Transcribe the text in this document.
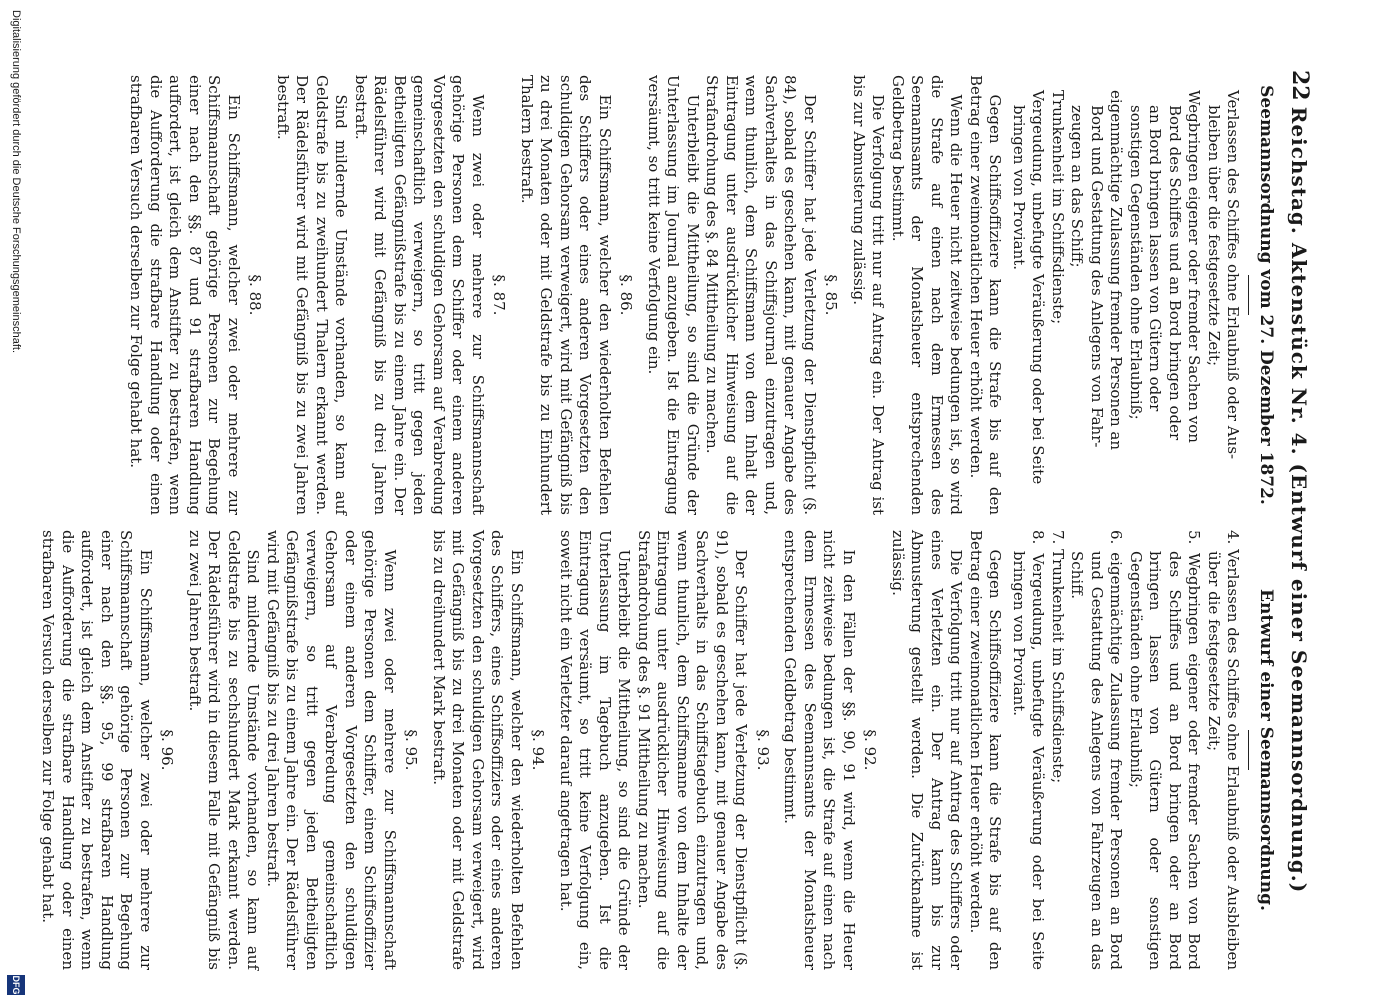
22
Reichstag. Aktenstück Nr. 4. (Entwurf einer Seemannsordnung.)
Seemannsordnung vom 27. Dezember 1872.

Verlassen des Schiffes ohne Erlaubniß oder Aus-

bleiben über die festgesetzte Zeit;

Wegbringen eigener oder fremder Sachen von

Bord des Schiffes und an Bord bringen oder

an Bord bringen lassen von Gütern oder

sonstigen Gegenständen ohne Erlaubniß;

eigenmächtige Zulassung fremder Personen an

Bord und Gestattung des Anlegens von Fahr-

zeugen an das Schiff;

Trunkenheit im Schiffsdienste;

Vergeudung, unbefugte Veräußerung oder bei Seite

bringen von Proviant.

Gegen Schiffsoffiziere kann die Strafe bis auf den Betrag einer zweimonatlichen Heuer erhöht werden.

Wenn die Heuer nicht zeitweise bedungen ist, so wird die Strafe auf einen nach dem Ermessen des Seemannsamts der Monatsheuer entsprechenden Geldbetrag bestimmt.

Die Verfolgung tritt nur auf Antrag ein. Der Antrag ist bis zur Abmusterung zulässig.

§. 85.

Der Schiffer hat jede Verletzung der Dienstpflicht (§. 84), sobald es geschehen kann, mit genauer Angabe des Sachverhaltes in das Schiffsjournal einzutragen und, wenn thunlich, dem Schiffsmann von dem Inhalt der Eintragung unter ausdrücklicher Hinweisung auf die Strafandrohung des §. 84 Mittheilung zu machen.

Unterbleibt die Mittheilung, so sind die Gründe der Unterlassung im Journal anzugeben. Ist die Eintragung versäumt, so tritt keine Verfolgung ein.

§. 86.

Ein Schiffsmann, welcher den wiederholten Befehlen des Schiffers oder eines anderen Vorgesetzten den schuldigen Gehorsam verweigert, wird mit Gefängniß bis zu drei Monaten oder mit Geldstrafe bis zu Einhundert Thalern bestraft.

§. 87.

Wenn zwei oder mehrere zur Schiffsmannschaft gehörige Personen dem Schiffer oder einem anderen Vorgesetzten den schuldigen Gehorsam auf Verabredung gemeinschaftlich verweigern, so tritt gegen jeden Betheiligten Gefängnißstrafe bis zu einem Jahre ein. Der Rädelsführer wird mit Gefängniß bis zu drei Jahren bestraft.

Sind mildernde Umstände vorhanden, so kann auf Geldstrafe bis zu zweihundert Thalern erkannt werden. Der Rädelsführer wird mit Gefängniß bis zu zwei Jahren bestraft.

§. 88.

Ein Schiffsmann, welcher zwei oder mehrere zur Schiffsmannschaft gehörige Personen zur Begehung einer nach den §§. 87 und 91 strafbaren Handlung auffordert, ist gleich dem Anstifter zu bestrafen, wenn die Aufforderung die strafbare Handlung oder einen strafbaren Versuch derselben zur Folge gehabt hat.

Entwurf einer Seemannsordnung.

4. Verlassen des Schiffes ohne Erlaubniß oder Ausbleiben über die festgesetzte Zeit;

5. Wegbringen eigener oder fremder Sachen von Bord des Schiffes und an Bord bringen oder an Bord bringen lassen von Gütern oder sonstigen Gegenständen ohne Erlaubniß;

6. eigenmächtige Zulassung fremder Personen an Bord und Gestattung des Anlegens von Fahrzeugen an das Schiff.

7. Trunkenheit im Schiffsdienste;

8. Vergeudung, unbefugte Veräußerung oder bei Seite bringen von Proviant.

Gegen Schiffsoffiziere kann die Strafe bis auf den Betrag einer zweimonatlichen Heuer erhöht werden.

Die Verfolgung tritt nur auf Antrag des Schiffers oder eines Verletzten ein. Der Antrag kann bis zur Abmusterung gestellt werden. Die Zurücknahme ist zulässig.

§. 92.

In den Fällen der §§. 90, 91 wird, wenn die Heuer nicht zeitweise bedungen ist, die Strafe auf einen nach dem Ermessen des Seemannsamts der Monatsheuer entsprechenden Geldbetrag bestimmt.

§. 93.

Der Schiffer hat jede Verletzung der Dienstpflicht (§. 91), sobald es geschehen kann, mit genauer Angabe des Sachverhalts in das Schiffstagebuch einzutragen und, wenn thunlich, dem Schiffsmanne von dem Inhalte der Eintragung unter ausdrücklicher Hinweisung auf die Strafandrohung des §. 91 Mittheilung zu machen.

Unterbleibt die Mittheilung, so sind die Gründe der Unterlassung im Tagebuch anzugeben. Ist die Eintragung versäumt, so tritt keine Verfolgung ein, soweit nicht ein Verletzter darauf angetragen hat.

§. 94.

Ein Schiffsmann, welcher den wiederholten Befehlen des Schiffers, eines Schiffsoffiziers oder eines anderen Vorgesetzten den schuldigen Gehorsam verweigert, wird mit Gefängniß bis zu drei Monaten oder mit Geldstrafe bis zu dreihundert Mark bestraft.

§. 95.

Wenn zwei oder mehrere zur Schiffsmannschaft gehörige Personen dem Schiffer, einem Schiffsoffizier oder einem anderen Vorgesetzten den schuldigen Gehorsam auf Verabredung gemeinschaftlich verweigern, so tritt gegen jeden Betheiligten Gefängnißstrafe bis zu einem Jahre ein. Der Rädelsführer wird mit Gefängniß bis zu drei Jahren bestraft.

Sind mildernde Umstände vorhanden, so kann auf Geldstrafe bis zu sechshundert Mark erkannt werden. Der Rädelsführer wird in diesem Falle mit Gefängniß bis zu zwei Jahren bestraft.

§. 96.

Ein Schiffsmann, welcher zwei oder mehrere zur Schiffsmannschaft gehörige Personen zur Begehung einer nach den §§. 95, 99 strafbaren Handlung auffordert, ist gleich dem Anstifter zu bestrafen, wenn die Aufforderung die strafbare Handlung oder einen strafbaren Versuch derselben zur Folge gehabt hat.

Digitalisierung gefördert durch die Deutsche Forschungsgemeinschaft.
DFG
